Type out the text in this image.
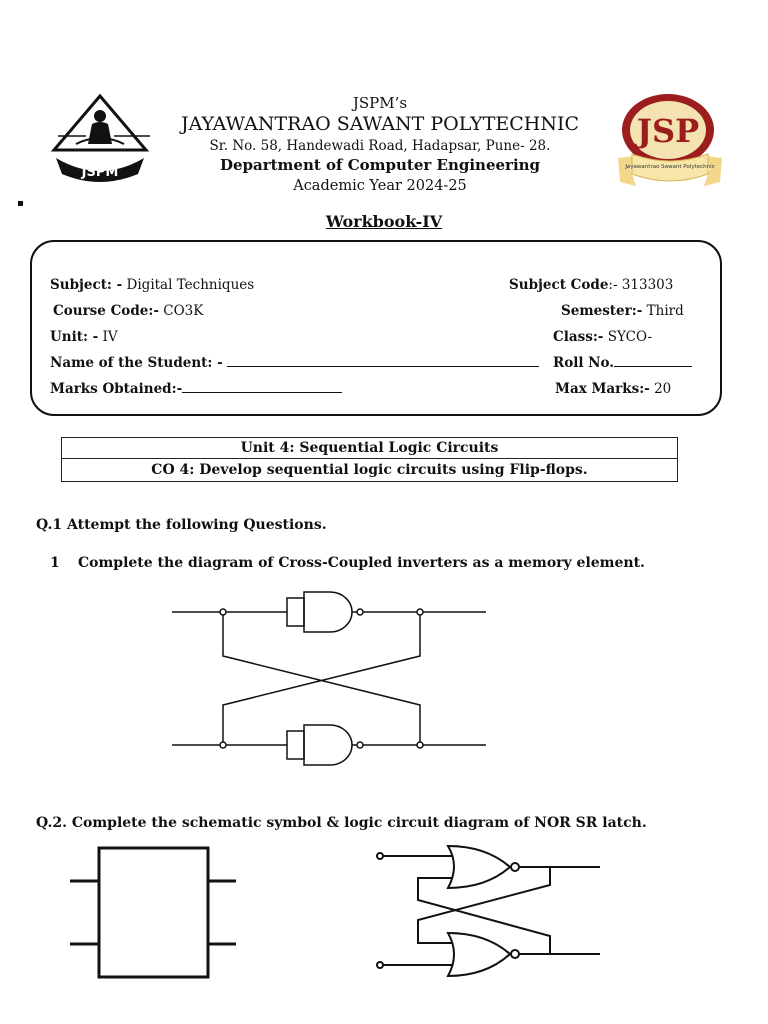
JSPM
JSPM’s
JAYAWANTRAO SAWANT POLYTECHNIC
Sr. No. 58, Handewadi Road, Hadapsar, Pune- 28.
Department of Computer Engineering
Academic Year 2024-25
JSP
Jayawantrao Sawant Polytechnic
Workbook-IV
Subject: - Digital Techniques	Subject Code:- 313303
Course Code:- CO3K	Semester:- Third
Unit: - IV	Class:- SYCO-
Name of the Student: -	Roll No.
Marks Obtained:-	Max Marks:- 20
Unit 4: Sequential Logic Circuits
CO 4: Develop sequential logic circuits using Flip-flops.
Q.1 Attempt the following Questions.
1 Complete the diagram of Cross-Coupled inverters as a memory element.
Q.2. Complete the schematic symbol & logic circuit diagram of NOR SR latch.
